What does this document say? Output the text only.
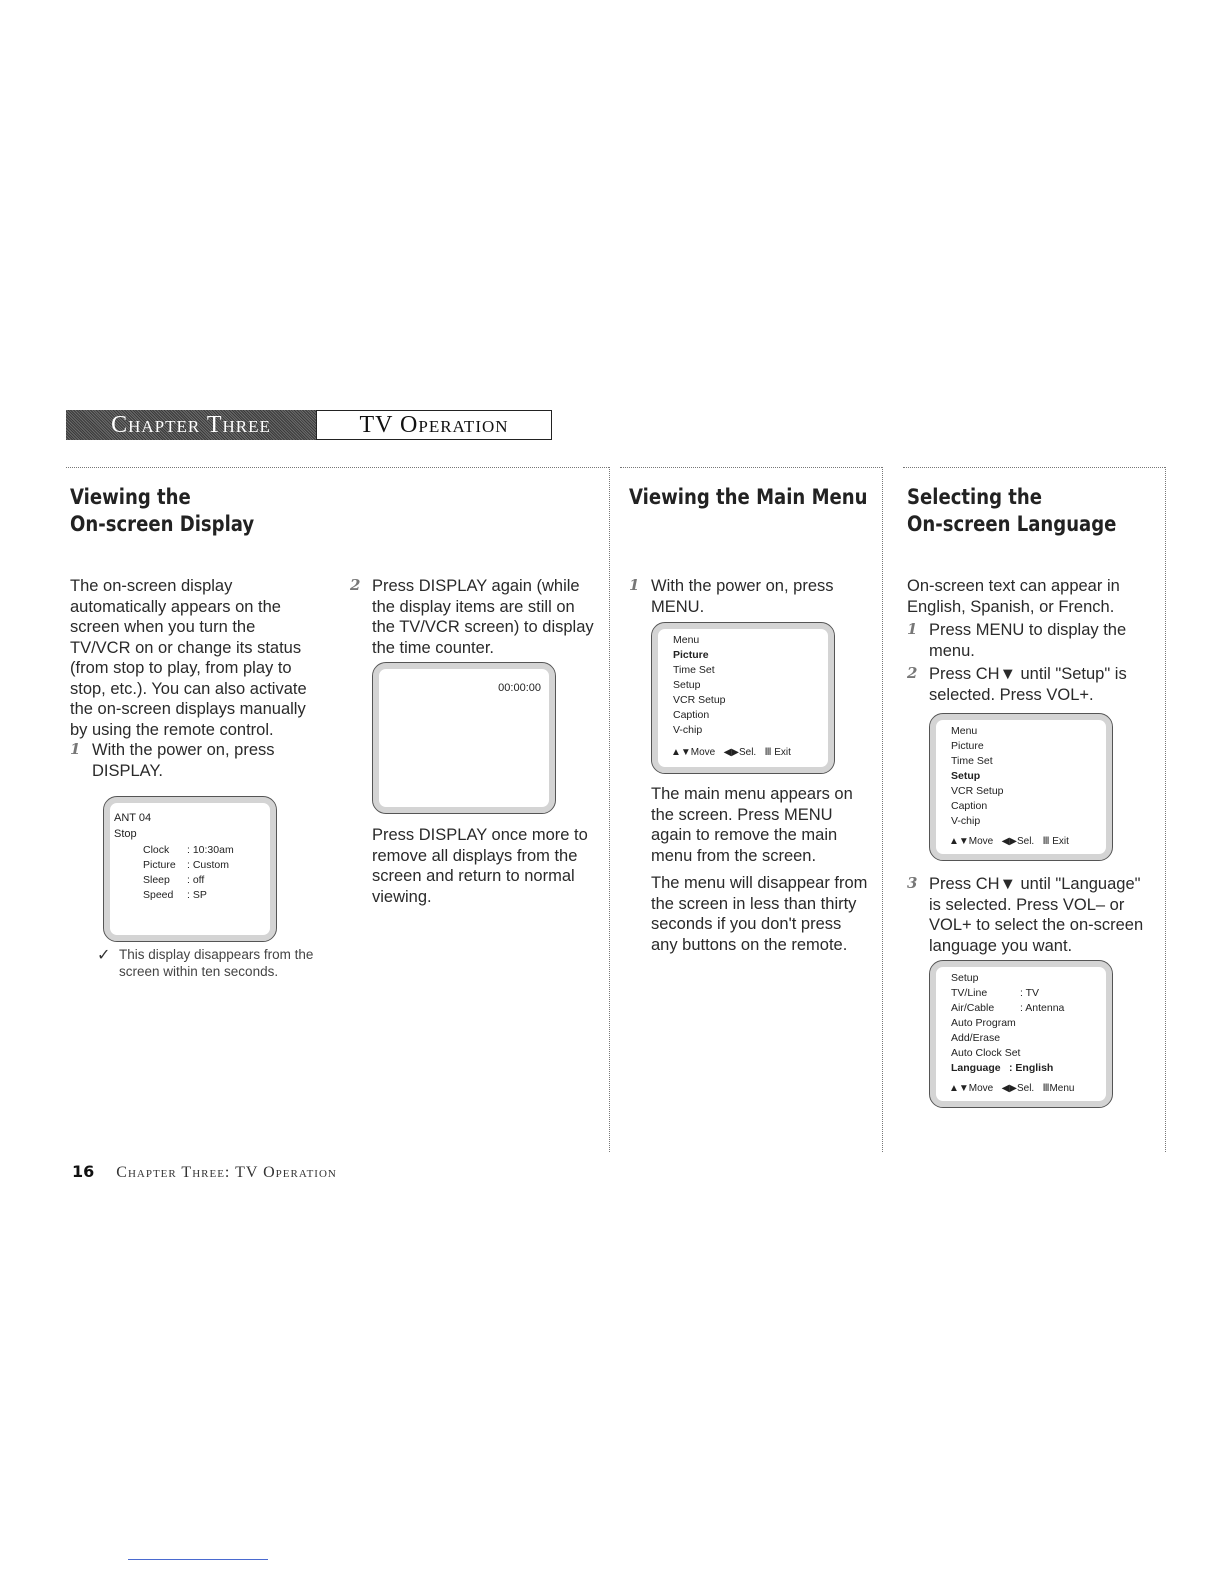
Chapter Three	TV Operation
Viewing the
On-screen Display
The on-screen display
automatically appears on the
screen when you turn the
TV/VCR on or change its status
(from stop to play, from play to
stop, etc.). You can also activate
the on-screen displays manually
by using the remote control.
1 With the power on, press
DISPLAY.
ANT 04
Stop
Clock : 10:30am
Picture : Custom
Sleep : off
Speed : SP
✓ This display disappears from the
screen within ten seconds.
2 Press DISPLAY again (while
the display items are still on
the TV/VCR screen) to display
the time counter.
00:00:00
Press DISPLAY once more to
remove all displays from the
screen and return to normal
viewing.
Viewing the Main Menu
1 With the power on, press
MENU.
Menu
Picture
Time Set
Setup
VCR Setup
Caption
V-chip
▲▼Move ◀▶Sel. Ⅲ Exit
The main menu appears on
the screen. Press MENU
again to remove the main
menu from the screen.
The menu will disappear from
the screen in less than thirty
seconds if you don't press
any buttons on the remote.
Selecting the
On-screen Language
On-screen text can appear in
English, Spanish, or French.
1 Press MENU to display the
menu.
2 Press CH▼ until "Setup" is
selected. Press VOL+.
Menu
Picture
Time Set
Setup
VCR Setup
Caption
V-chip
▲▼Move ◀▶Sel. Ⅲ Exit
3 Press CH▼ until "Language"
is selected. Press VOL– or
VOL+ to select the on-screen
language you want.
Setup
TV/Line	: TV
Air/Cable : Antenna
Auto Program
Add/Erase
Auto Clock Set
Language : English
▲▼Move ◀▶Sel. ⅢMenu
16 Chapter Three: TV Operation
